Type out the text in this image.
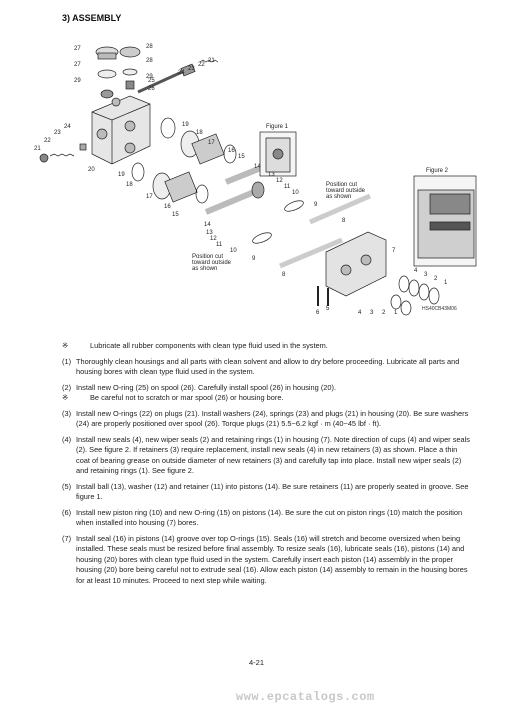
3) ASSEMBLY
Figure 1
Figure 2
Position cut
toward outside
as shown
Position cut
toward outside
as shown
27	28
28
27
29
29
20
21
22
23
24
21
22
23
24
25
26
19
18
17
16
15
14
19
18
17
16
15
14
13
12
11
10
9
13
12
11
10
9
8
8
7
6
5
4 3 2 1
4
3
2
1
HS40CB43M06
※	Lubricate all rubber components with clean type fluid used in the system.
(1) Thoroughly clean housings and all parts with clean solvent and allow to dry before proceeding. Lubricate all parts and housing bores with clean type fluid used in the system.
(2) Install new O-ring (25) on spool (26). Carefully install spool (26) in housing (20).
※	Be careful not to scratch or mar spool (26) or housing bore.
(3) Install new O-rings (22) on plugs (21). Install washers (24), springs (23) and plugs (21) in housing (20). Be sure washers (24) are properly positioned over spool (26). Torque plugs (21) 5.5~6.2 kgf · m (40~45 lbf · ft).
(4) Install new seals (4), new wiper seals (2) and retaining rings (1) in housing (7). Note direction of cups (4) and wiper seals (2). See figure 2. If retainers (3) require replacement, install new seals (4) in new retainers (3) as shown. Place a thin coat of bearing grease on outside diameter of new retainers (3) and carefully tap into place. Install new wiper seals (2) and retaining rings (1). See figure 2.
(5) Install ball (13), washer (12) and retainer (11) into pistons (14). Be sure retainers (11) are properly seated in groove. See figure 1.
(6) Install new piston ring (10) and new O-ring (15) on pistons (14). Be sure the cut on piston rings (10) match the position when installed into housing (7) bores.
(7) Install seal (16) in pistons (14) groove over top O-rings (15). Seals (16) will stretch and become oversized when being installed. These seals must be resized before final assembly. To resize seals (16), lubricate seals (16), pistons (14) and housing (20) bores with clean type fluid used in the system. Carefully insert each piston (14) assembly in the proper housing (20) bore being careful not to extrude seal (16). Allow each piston (14) assembly to remain in the housing bores for at least 10 minutes. Proceed to next step while waiting.
4-21
www.epcatalogs.com
